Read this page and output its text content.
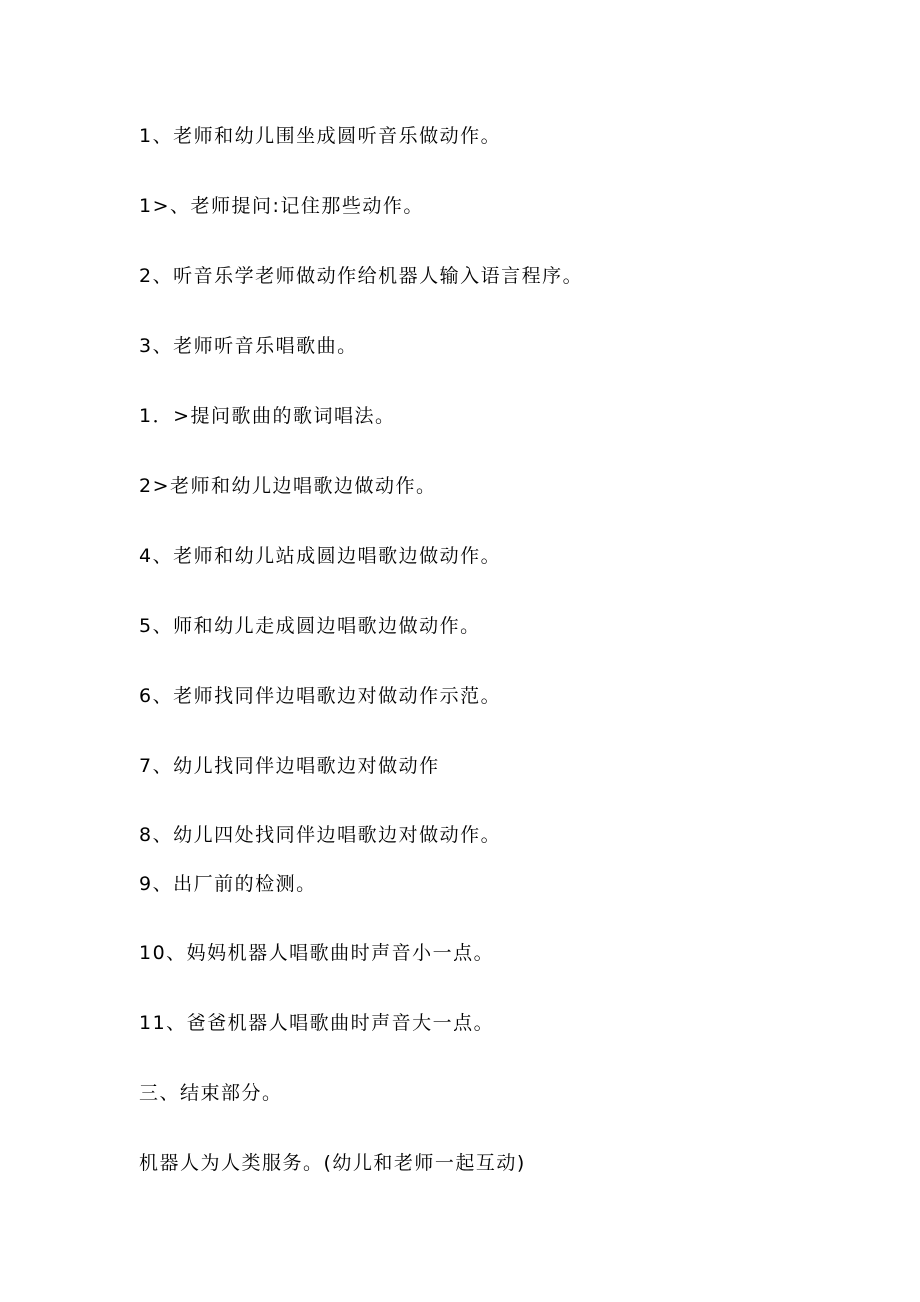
1、老师和幼儿围坐成圆听音乐做动作。
1>、老师提问:记住那些动作。
2、听音乐学老师做动作给机器人输入语言程序。
3、老师听音乐唱歌曲。
1．>提问歌曲的歌词唱法。
2>老师和幼儿边唱歌边做动作。
4、老师和幼儿站成圆边唱歌边做动作。
5、师和幼儿走成圆边唱歌边做动作。
6、老师找同伴边唱歌边对做动作示范。
7、幼儿找同伴边唱歌边对做动作
8、幼儿四处找同伴边唱歌边对做动作。
9、出厂前的检测。
10、妈妈机器人唱歌曲时声音小一点。
11、爸爸机器人唱歌曲时声音大一点。
三、结束部分。
机器人为人类服务。(幼儿和老师一起互动)
